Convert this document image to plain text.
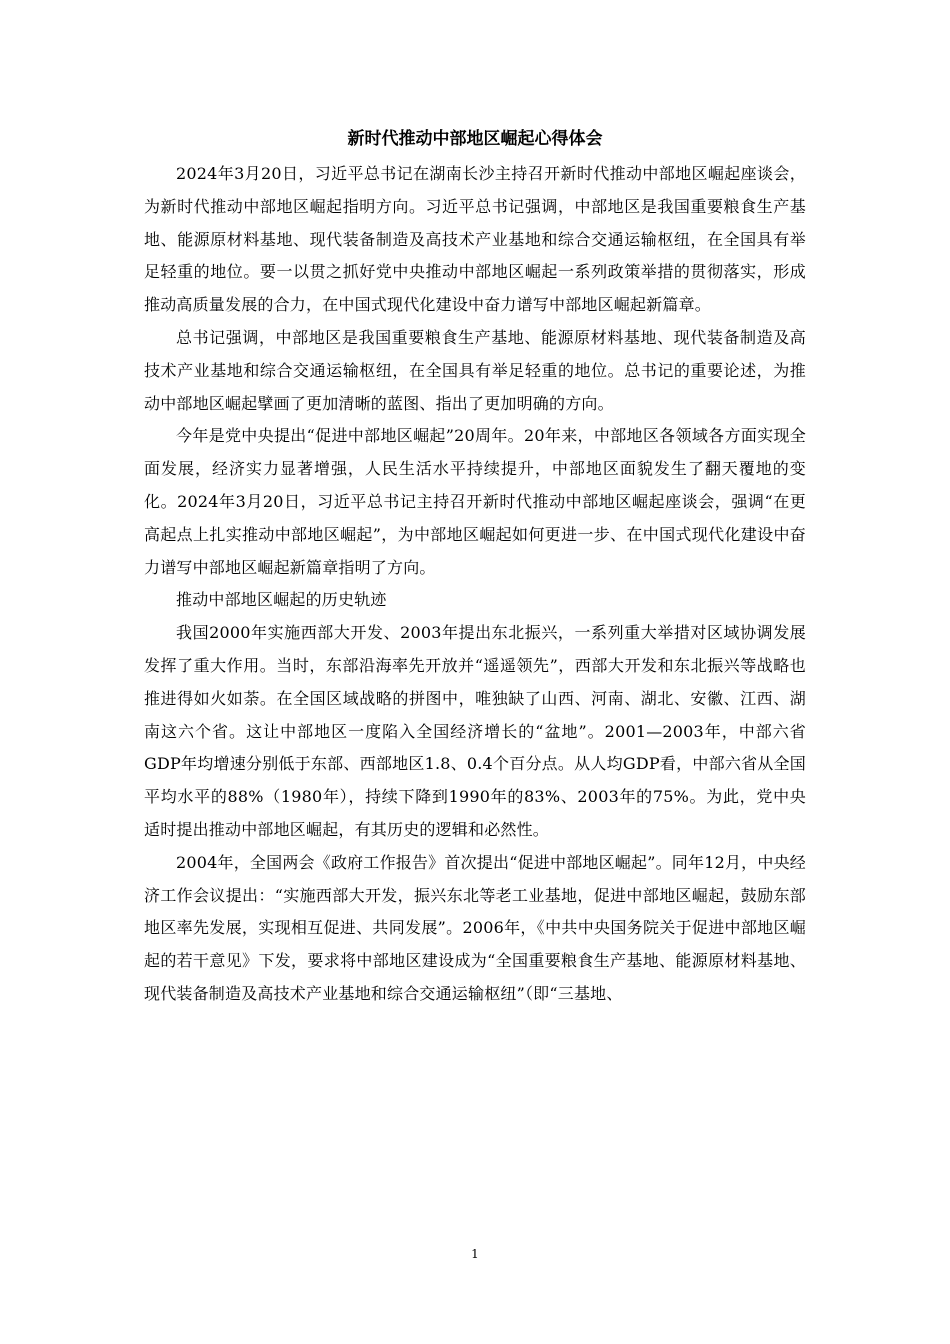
新时代推动中部地区崛起心得体会

2024年3月20日，习近平总书记在湖南长沙主持召开新时代推动中部地区崛起座谈会，为新时代推动中部地区崛起指明方向。习近平总书记强调，中部地区是我国重要粮食生产基地、能源原材料基地、现代装备制造及高技术产业基地和综合交通运输枢纽，在全国具有举足轻重的地位。要一以贯之抓好党中央推动中部地区崛起一系列政策举措的贯彻落实，形成推动高质量发展的合力，在中国式现代化建设中奋力谱写中部地区崛起新篇章。

总书记强调，中部地区是我国重要粮食生产基地、能源原材料基地、现代装备制造及高技术产业基地和综合交通运输枢纽，在全国具有举足轻重的地位。总书记的重要论述，为推动中部地区崛起擘画了更加清晰的蓝图、指出了更加明确的方向。

今年是党中央提出“促进中部地区崛起”20周年。20年来，中部地区各领域各方面实现全面发展，经济实力显著增强，人民生活水平持续提升，中部地区面貌发生了翻天覆地的变化。2024年3月20日，习近平总书记主持召开新时代推动中部地区崛起座谈会，强调“在更高起点上扎实推动中部地区崛起”，为中部地区崛起如何更进一步、在中国式现代化建设中奋力谱写中部地区崛起新篇章指明了方向。

推动中部地区崛起的历史轨迹

我国2000年实施西部大开发、2003年提出东北振兴，一系列重大举措对区域协调发展发挥了重大作用。当时，东部沿海率先开放并“遥遥领先”，西部大开发和东北振兴等战略也推进得如火如荼。在全国区域战略的拼图中，唯独缺了山西、河南、湖北、安徽、江西、湖南这六个省。这让中部地区一度陷入全国经济增长的“盆地”。2001—2003年，中部六省GDP年均增速分别低于东部、西部地区1.8、0.4个百分点。从人均GDP看，中部六省从全国平均水平的88%（1980年），持续下降到1990年的83%、2003年的75%。为此，党中央适时提出推动中部地区崛起，有其历史的逻辑和必然性。

2004年，全国两会《政府工作报告》首次提出“促进中部地区崛起”。同年12月，中央经济工作会议提出：“实施西部大开发，振兴东北等老工业基地，促进中部地区崛起，鼓励东部地区率先发展，实现相互促进、共同发展”。2006年，《中共中央国务院关于促进中部地区崛起的若干意见》下发，要求将中部地区建设成为“全国重要粮食生产基地、能源原材料基地、现代装备制造及高技术产业基地和综合交通运输枢纽”（即“三基地、

1
